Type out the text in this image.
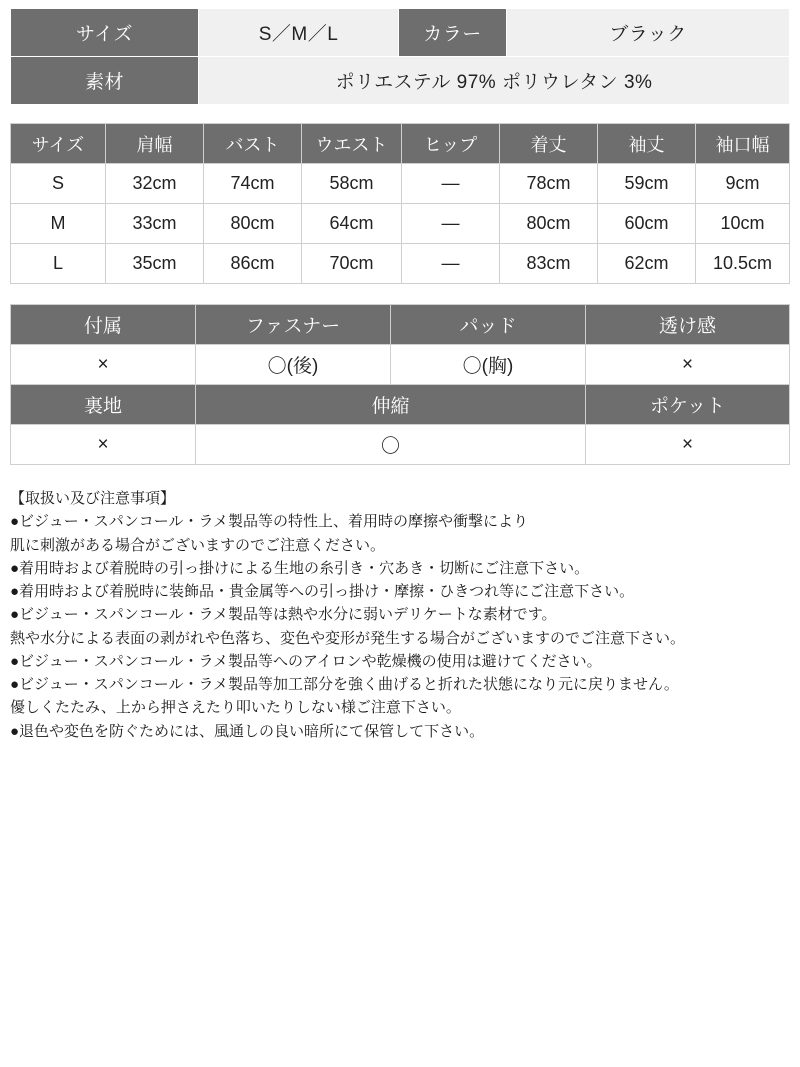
サイズ	S／M／L	カラー	ブラック
素材	ポリエステル 97% ポリウレタン 3%		
サイズ	肩幅	バスト	ウエスト	ヒップ	着丈	袖丈	袖口幅
S	32cm	74cm	58cm	—	78cm	59cm	9cm
M	33cm	80cm	64cm	—	80cm	60cm	10cm
L	35cm	86cm	70cm	—	83cm	62cm	10.5cm
付属	ファスナー	パッド	透け感
×	〇(後)	〇(胸)	×
裏地	伸縮		ポケット
×	〇		×
【取扱い及び注意事項】
●ビジュー・スパンコール・ラメ製品等の特性上、着用時の摩擦や衝撃により
肌に刺激がある場合がございますのでご注意ください。
●着用時および着脱時の引っ掛けによる生地の糸引き・穴あき・切断にご注意下さい。
●着用時および着脱時に装飾品・貴金属等への引っ掛け・摩擦・ひきつれ等にご注意下さい。
●ビジュー・スパンコール・ラメ製品等は熱や水分に弱いデリケートな素材です。
熱や水分による表面の剥がれや色落ち、変色や変形が発生する場合がございますのでご注意下さい。
●ビジュー・スパンコール・ラメ製品等へのアイロンや乾燥機の使用は避けてください。
●ビジュー・スパンコール・ラメ製品等加工部分を強く曲げると折れた状態になり元に戻りません。
優しくたたみ、上から押さえたり叩いたりしない様ご注意下さい。
●退色や変色を防ぐためには、風通しの良い暗所にて保管して下さい。
